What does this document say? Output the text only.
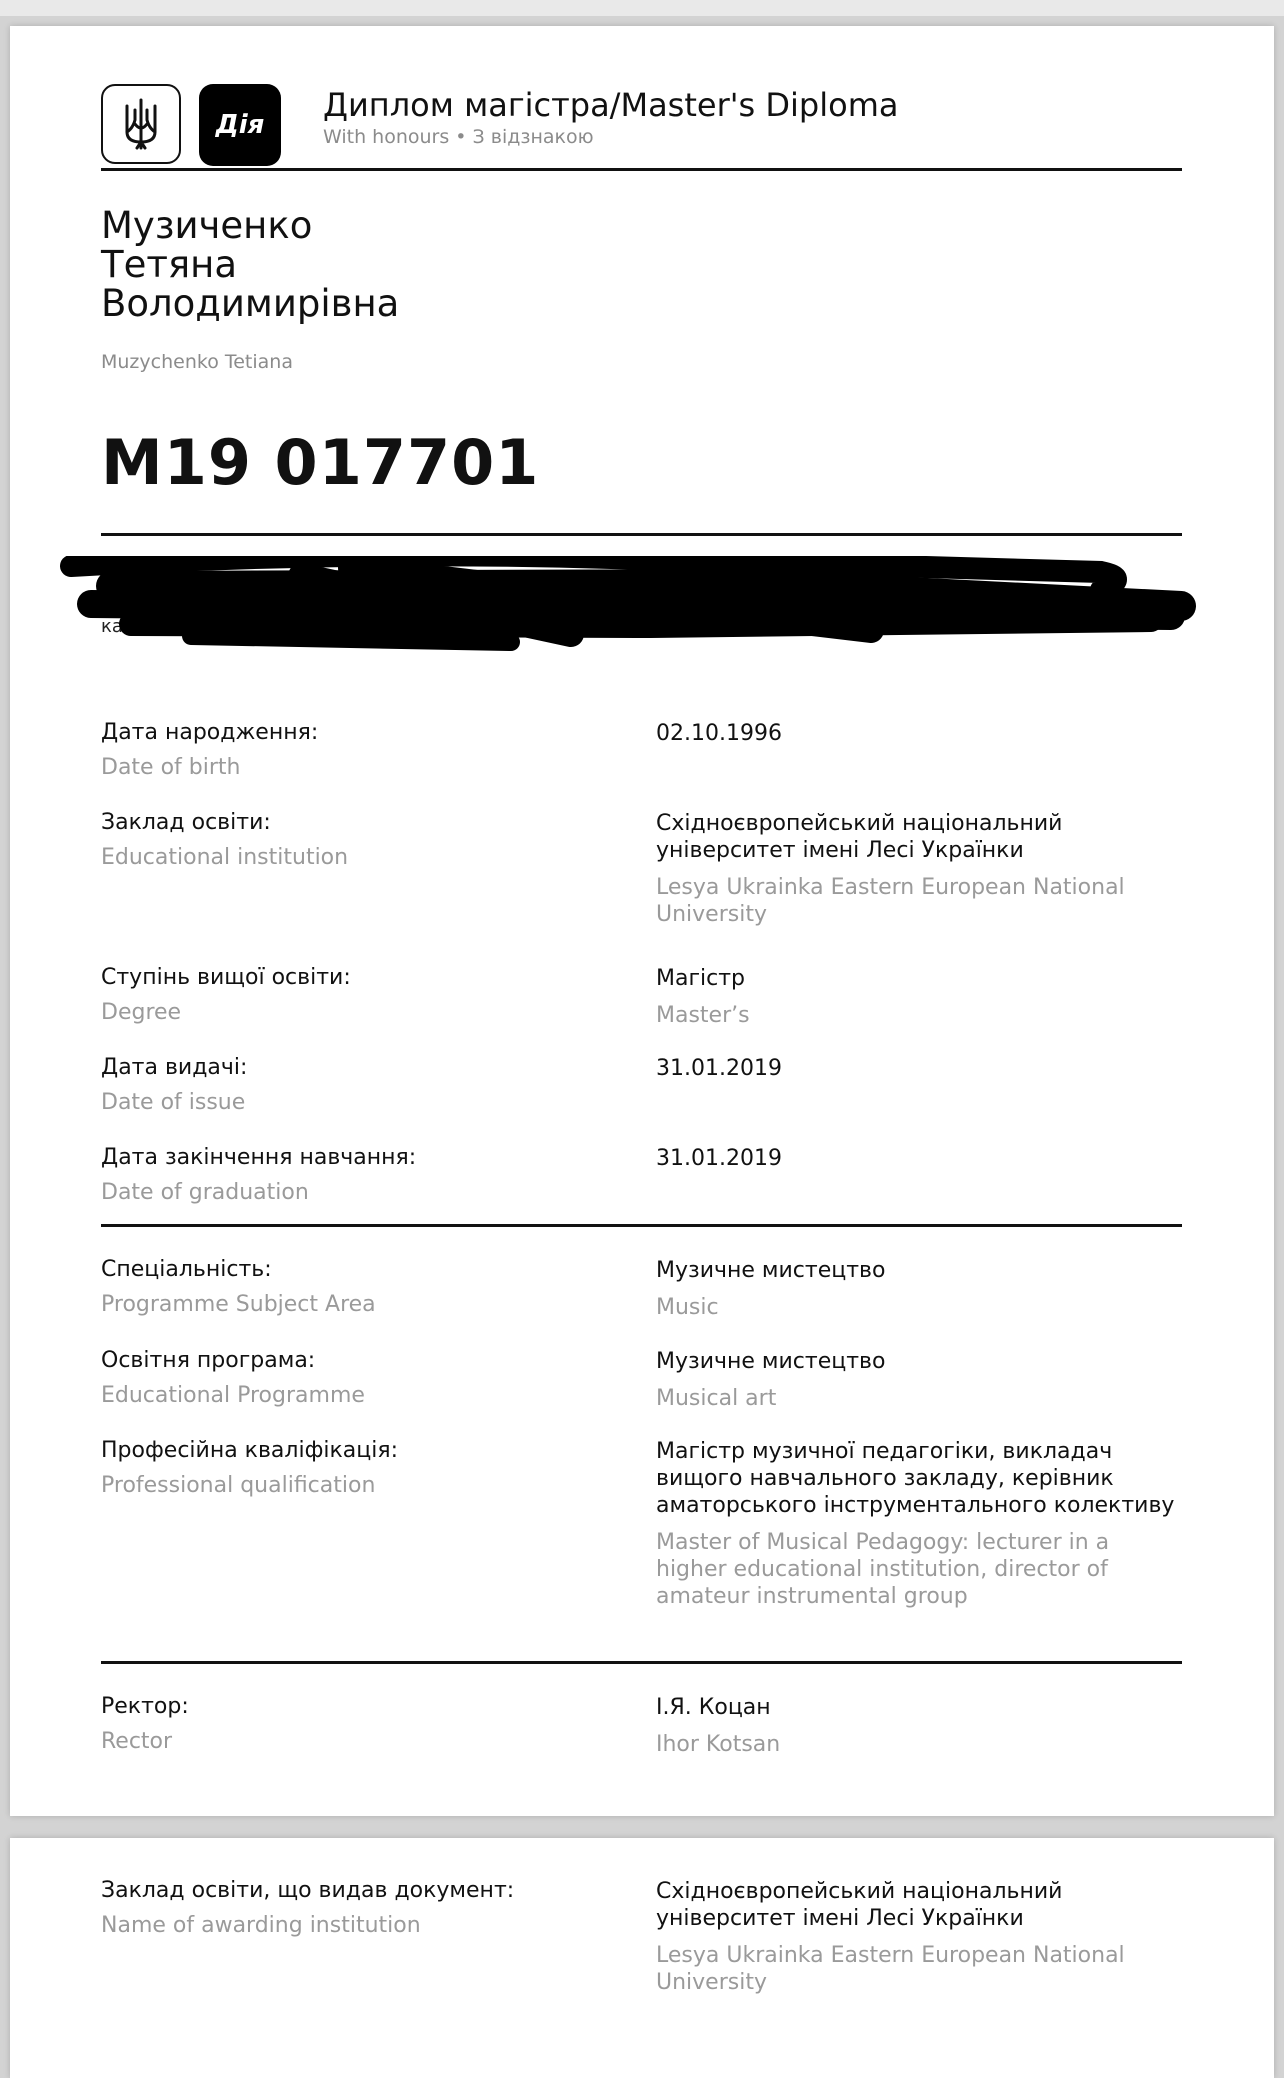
Дія
Диплом магістра/Master's Diploma
With honours • З відзнакою
Музиченко
Тетяна
Володимирівна
Muzychenko Tetiana
M19 017701
The di
вул.Коня
кафедри
Дата народження:
Date of birth
02.10.1996
Заклад освіти:
Educational institution
Східноєвропейський національний університет імені Лесі Українки
Lesya Ukrainka Eastern European National University
Ступінь вищої освіти:
Degree
Магістр
Master’s
Дата видачі:
Date of issue
31.01.2019
Дата закінчення навчання:
Date of graduation
31.01.2019
Спеціальність:
Programme Subject Area
Музичне мистецтво
Music
Освітня програма:
Educational Programme
Музичне мистецтво
Musical art
Професійна кваліфікація:
Professional qualification
Магістр музичної педагогіки, викладач вищого навчального закладу, керівник аматорського інструментального колективу
Master of Musical Pedagogy: lecturer in a higher educational institution, director of amateur instrumental group
Ректор:
Rector
І.Я. Коцан
Ihor Kotsan
Заклад освіти, що видав документ:
Name of awarding institution
Східноєвропейський національний університет імені Лесі Українки
Lesya Ukrainka Eastern European National University
